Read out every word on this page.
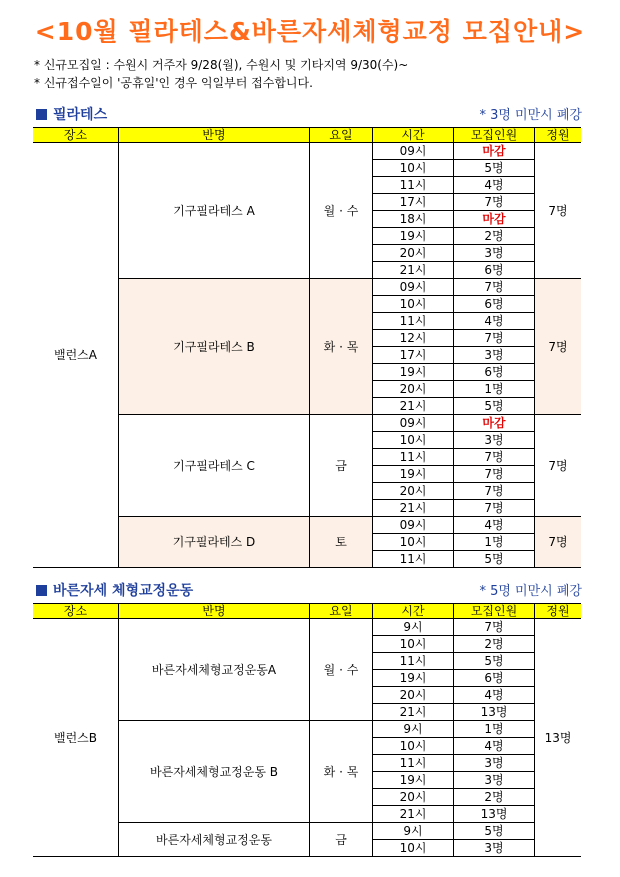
<10월 필라테스&바른자세체형교정 모집안내>
* 신규모집일 : 수원시 거주자 9/28(월), 수원시 및 기타지역 9/30(수)~
* 신규접수일이 '공휴일'인 경우 익일부터 접수합니다.
필라테스	* 3명 미만시 폐강
장소	반명	요일	시간	모집인원	정원
밸런스A	기구필라테스 A	월 · 수	09시	마감	7명
			10시	5명	
			11시	4명	
			17시	7명	
			18시	마감	
			19시	2명	
			20시	3명	
			21시	6명	
	기구필라테스 B	화 · 목	09시	7명	7명
			10시	6명	
			11시	4명	
			12시	7명	
			17시	3명	
			19시	6명	
			20시	1명	
			21시	5명	
	기구필라테스 C	금	09시	마감	7명
			10시	3명	
			11시	7명	
			19시	7명	
			20시	7명	
			21시	7명	
	기구필라테스 D	토	09시	4명	7명
			10시	1명	
			11시	5명	
바른자세 체형교정운동	* 5명 미만시 폐강
장소	반명	요일	시간	모집인원	정원
밸런스B	바른자세체형교정운동A	월 · 수	9시	7명	13명
			10시	2명	
			11시	5명	
			19시	6명	
			20시	4명	
			21시	13명	
	바른자세체형교정운동 B	화 · 목	9시	1명	
			10시	4명	
			11시	3명	
			19시	3명	
			20시	2명	
			21시	13명	
	바른자세체형교정운동	금	9시	5명	
			10시	3명	
